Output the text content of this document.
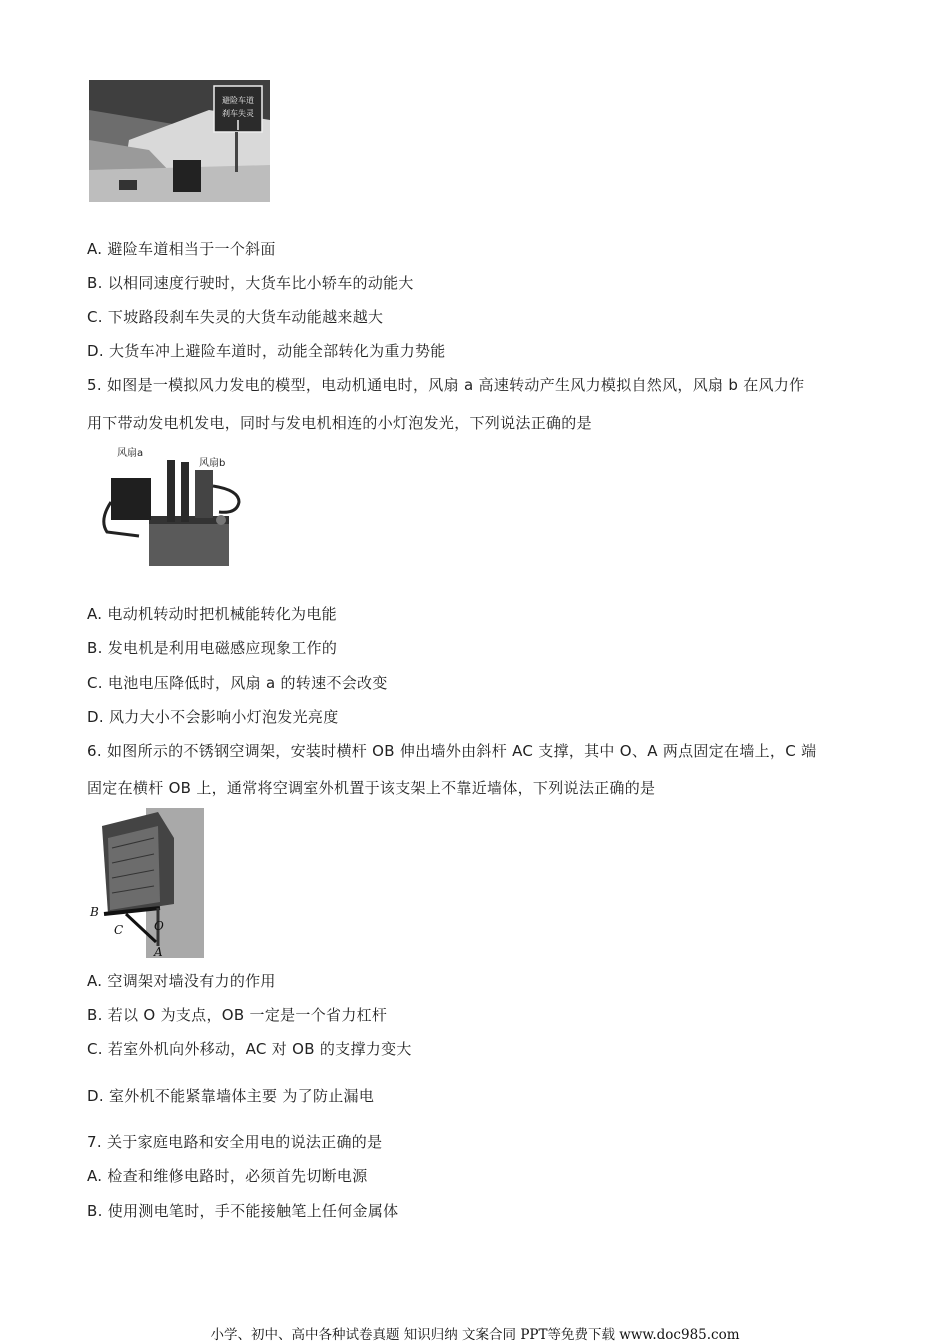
避险车道
刹车失灵
A. 避险车道相当于一个斜面
B. 以相同速度行驶时，大货车比小轿车的动能大
C. 下坡路段刹车失灵的大货车动能越来越大
D. 大货车冲上避险车道时，动能全部转化为重力势能
5. 如图是一模拟风力发电的模型，电动机通电时，风扇 a 高速转动产生风力模拟自然风，风扇 b 在风力作
用下带动发电机发电，同时与发电机相连的小灯泡发光，下列说法正确的是
风扇a
风扇b
A. 电动机转动时把机械能转化为电能
B. 发电机是利用电磁感应现象工作的
C. 电池电压降低时，风扇 a 的转速不会改变
D. 风力大小不会影响小灯泡发光亮度
6. 如图所示的不锈钢空调架，安装时横杆 OB 伸出墙外由斜杆 AC 支撑，其中 O、A 两点固定在墙上，C 端
固定在横杆 OB 上，通常将空调室外机置于该支架上不靠近墙体，下列说法正确的是
B
C	O
A
A. 空调架对墙没有力的作用
B. 若以 O 为支点，OB 一定是一个省力杠杆
C. 若室外机向外移动，AC 对 OB 的支撑力变大
D. 室外机不能紧靠墙体主要 为了防止漏电
7. 关于家庭电路和安全用电的说法正确的是
A. 检查和维修电路时，必须首先切断电源
B. 使用测电笔时，手不能接触笔上任何金属体
小学、初中、高中各种试卷真题 知识归纳 文案合同 PPT等免费下载 www.doc985.com
